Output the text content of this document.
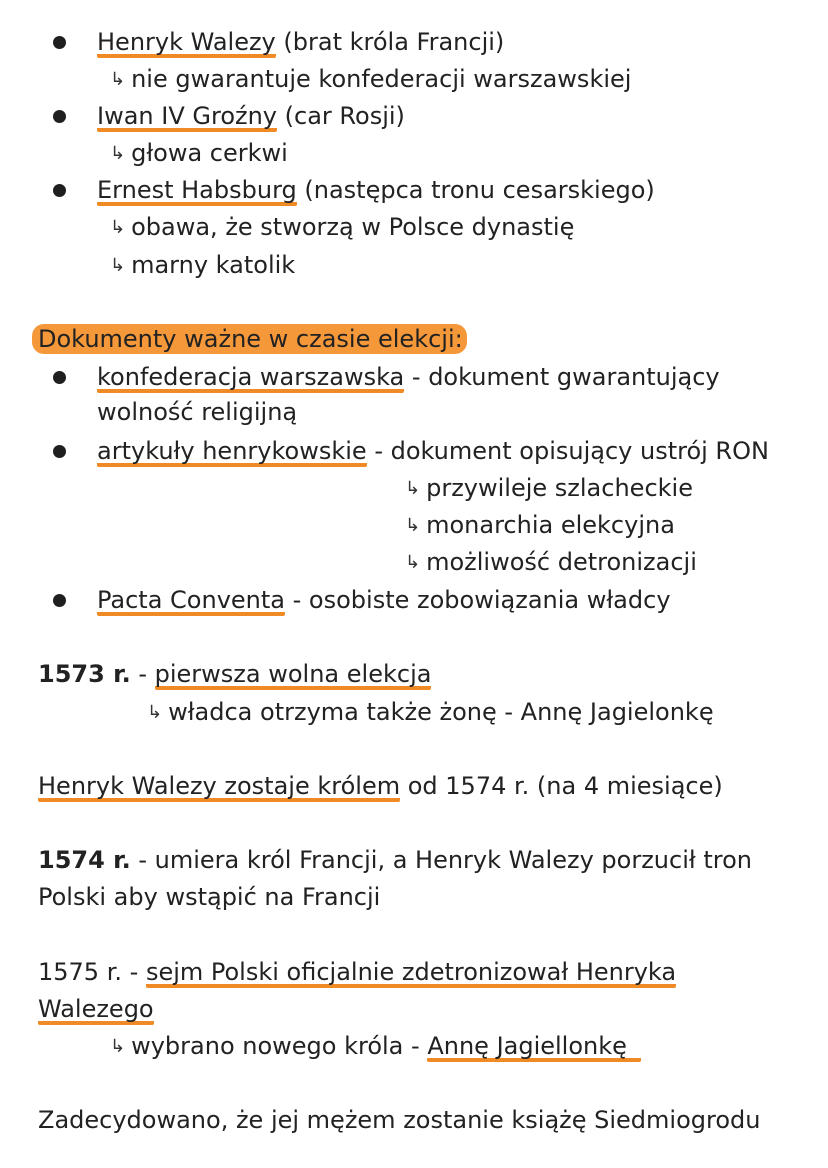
Henryk Walezy (brat króla Francji)
↳ nie gwarantuje konfederacji warszawskiej
Iwan IV Groźny (car Rosji)
↳ głowa cerkwi
Ernest Habsburg (następca tronu cesarskiego)
↳ obawa, że stworzą w Polsce dynastię
↳ marny katolik
Dokumenty ważne w czasie elekcji:
konfederacja warszawska - dokument gwarantujący
wolność religijną
artykuły henrykowskie - dokument opisujący ustrój RON
↳ przywileje szlacheckie
↳ monarchia elekcyjna
↳ możliwość detronizacji
Pacta Conventa - osobiste zobowiązania władcy
1573 r. - pierwsza wolna elekcja
↳ władca otrzyma także żonę - Annę Jagielonkę
Henryk Walezy zostaje królem od 1574 r. (na 4 miesiące)
1574 r. - umiera król Francji, a Henryk Walezy porzucił tron
Polski aby wstąpić na Francji
1575 r. - sejm Polski oficjalnie zdetronizował Henryka
Walezego
↳ wybrano nowego króla - Annę Jagiellonkę
Zadecydowano, że jej mężem zostanie książę Siedmiogrodu
